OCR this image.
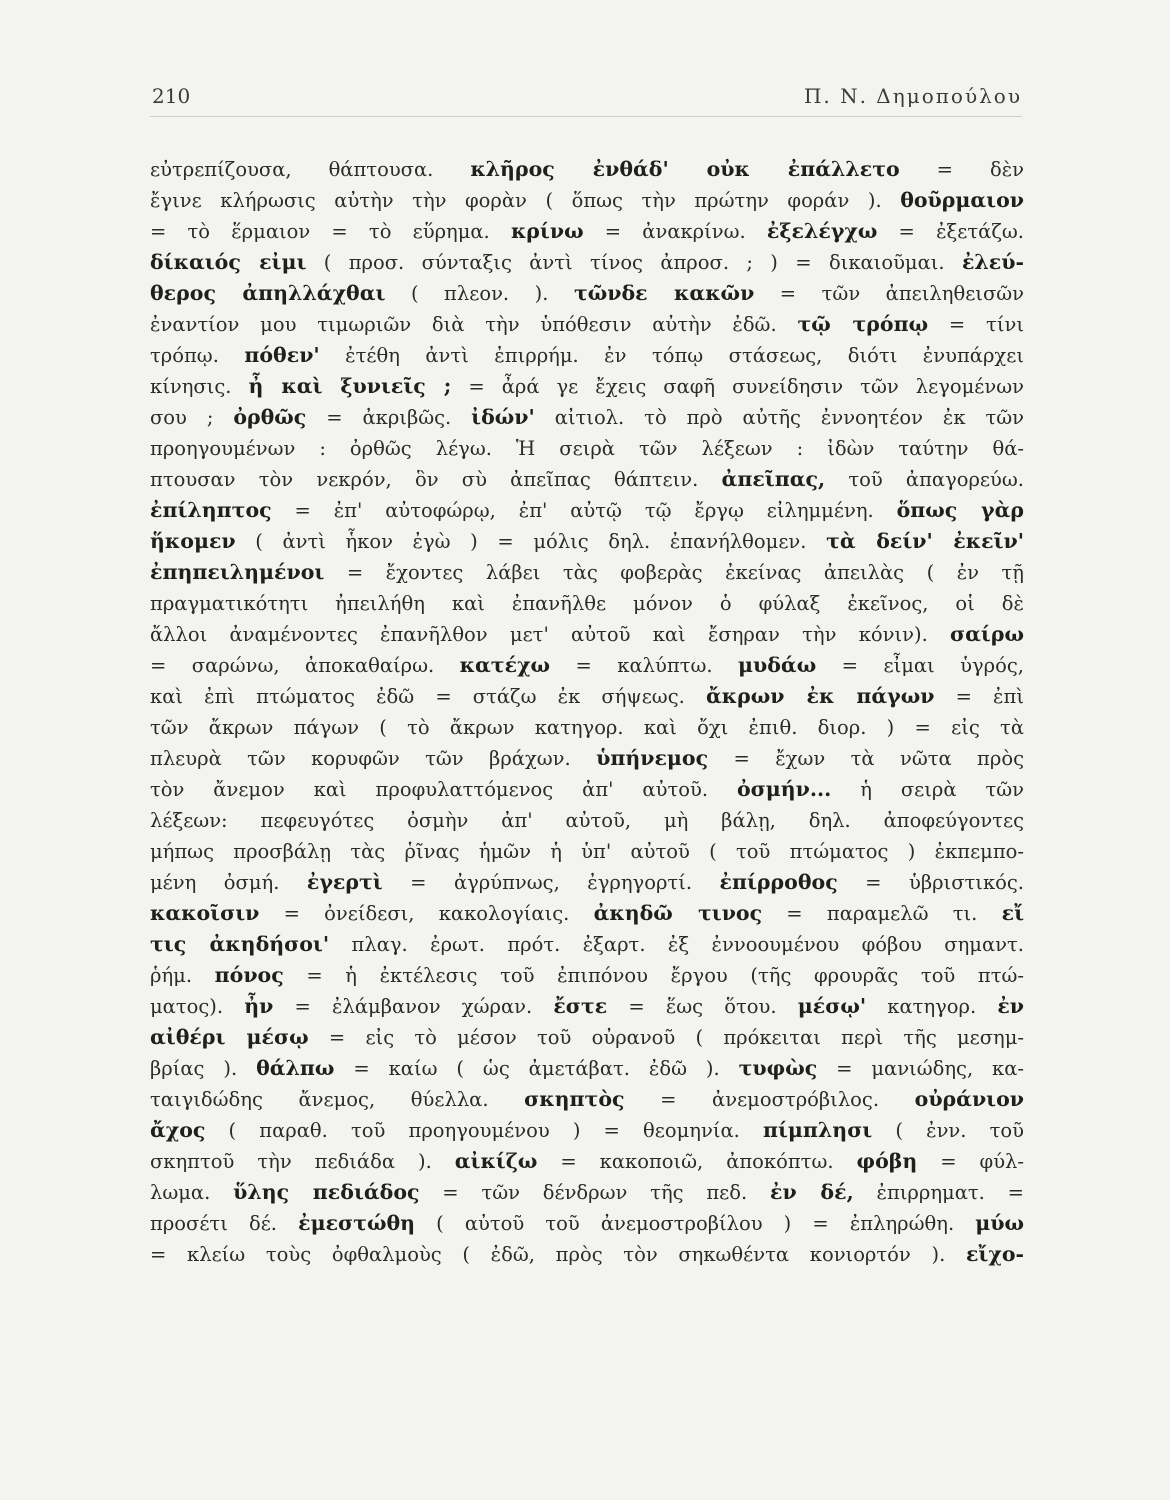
210	Π. Ν. Δημοπούλου
εὐτρεπίζουσα, θάπτουσα. κλῆρος ἐνθάδ' οὐκ ἐπάλλετο = δὲν
ἔγινε κλήρωσις αὐτὴν τὴν φορὰν ( ὅπως τὴν πρώτην φοράν ). θοῦρμαιον
= τὸ ἕρμαιον = τὸ εὕρημα. κρίνω = ἀνακρίνω. ἐξελέγχω = ἐξετάζω.
δίκαιός εἰμι ( προσ. σύνταξις ἀντὶ τίνος ἀπροσ. ; ) = δικαιοῦμαι. ἐλεύ-
θερος ἀπηλλάχθαι ( πλεον. ). τῶνδε κακῶν = τῶν ἀπειληθεισῶν
ἐναντίον μου τιμωριῶν διὰ τὴν ὑπόθεσιν αὐτὴν ἐδῶ. τῷ τρόπῳ = τίνι
τρόπῳ. πόθεν' ἐτέθη ἀντὶ ἐπιρρήμ. ἐν τόπῳ στάσεως, διότι ἐνυπάρχει
κίνησις. ἦ καὶ ξυνιεῖς ; = ἆρά γε ἔχεις σαφῆ συνείδησιν τῶν λεγομένων
σου ; ὀρθῶς = ἀκριβῶς. ἰδών' αἰτιολ. τὸ πρὸ αὐτῆς ἐννοητέον ἐκ τῶν
προηγουμένων : ὀρθῶς λέγω. Ἡ σειρὰ τῶν λέξεων : ἰδὼν ταύτην θά-
πτουσαν τὸν νεκρόν, ὃν σὺ ἀπεῖπας θάπτειν. ἀπεῖπας, τοῦ ἀπαγορεύω.
ἐπίληπτος = ἐπ' αὐτοφώρῳ, ἐπ' αὐτῷ τῷ ἔργῳ εἰλημμένη. ὅπως γὰρ
ἥκομεν ( ἀντὶ ἧκον ἐγὼ ) = μόλις δηλ. ἐπανήλθομεν. τὰ δείν' ἐκεῖν'
ἐπηπειλημένοι = ἔχοντες λάβει τὰς φοβερὰς ἐκείνας ἀπειλὰς ( ἐν τῇ
πραγματικότητι ἠπειλήθη καὶ ἐπανῆλθε μόνον ὁ φύλαξ ἐκεῖνος, οἱ δὲ
ἄλλοι ἀναμένοντες ἐπανῆλθον μετ' αὐτοῦ καὶ ἔσηραν τὴν κόνιν). σαίρω
= σαρώνω, ἀποκαθαίρω. κατέχω = καλύπτω. μυδάω = εἶμαι ὑγρός,
καὶ ἐπὶ πτώματος ἐδῶ = στάζω ἐκ σήψεως. ἄκρων ἐκ πάγων = ἐπὶ
τῶν ἄκρων πάγων ( τὸ ἄκρων κατηγορ. καὶ ὄχι ἐπιθ. διορ. ) = εἰς τὰ
πλευρὰ τῶν κορυφῶν τῶν βράχων. ὑπήνεμος = ἔχων τὰ νῶτα πρὸς
τὸν ἄνεμον καὶ προφυλαττόμενος ἀπ' αὐτοῦ. ὀσμήν... ἡ σειρὰ τῶν
λέξεων: πεφευγότες ὀσμὴν ἀπ' αὐτοῦ, μὴ βάλῃ, δηλ. ἀποφεύγοντες
μήπως προσβάλῃ τὰς ῥῖνας ἡμῶν ἡ ὑπ' αὐτοῦ ( τοῦ πτώματος ) ἐκπεμπο-
μένη ὀσμή. ἐγερτὶ = ἀγρύπνως, ἐγρηγορτί. ἐπίρροθος = ὑβριστικός.
κακοῖσιν = ὀνείδεσι, κακολογίαις. ἀκηδῶ τινος = παραμελῶ τι. εἴ
τις ἀκηδήσοι' πλαγ. ἐρωτ. πρότ. ἐξαρτ. ἐξ ἐννοουμένου φόβου σημαντ.
ῥήμ. πόνος = ἡ ἐκτέλεσις τοῦ ἐπιπόνου ἔργου (τῆς φρουρᾶς τοῦ πτώ-
ματος). ἦν = ἐλάμβανον χώραν. ἔστε = ἕως ὅτου. μέσῳ' κατηγορ. ἐν
αἰθέρι μέσῳ = εἰς τὸ μέσον τοῦ οὐρανοῦ ( πρόκειται περὶ τῆς μεσημ-
βρίας ). θάλπω = καίω ( ὡς ἀμετάβατ. ἐδῶ ). τυφὼς = μανιώδης, κα-
ταιγιδώδης ἄνεμος, θύελλα. σκηπτὸς = ἀνεμοστρόβιλος. οὐράνιον
ἄχος ( παραθ. τοῦ προηγουμένου ) = θεομηνία. πίμπλησι ( ἐνν. τοῦ
σκηπτοῦ τὴν πεδιάδα ). αἰκίζω = κακοποιῶ, ἀποκόπτω. φόβη = φύλ-
λωμα. ὕλης πεδιάδος = τῶν δένδρων τῆς πεδ. ἐν δέ, ἐπιρρηματ. =
προσέτι δέ. ἐμεστώθη ( αὐτοῦ τοῦ ἀνεμοστροβίλου ) = ἐπληρώθη. μύω
= κλείω τοὺς ὀφθαλμοὺς ( ἐδῶ, πρὸς τὸν σηκωθέντα κονιορτόν ). εἴχο-
